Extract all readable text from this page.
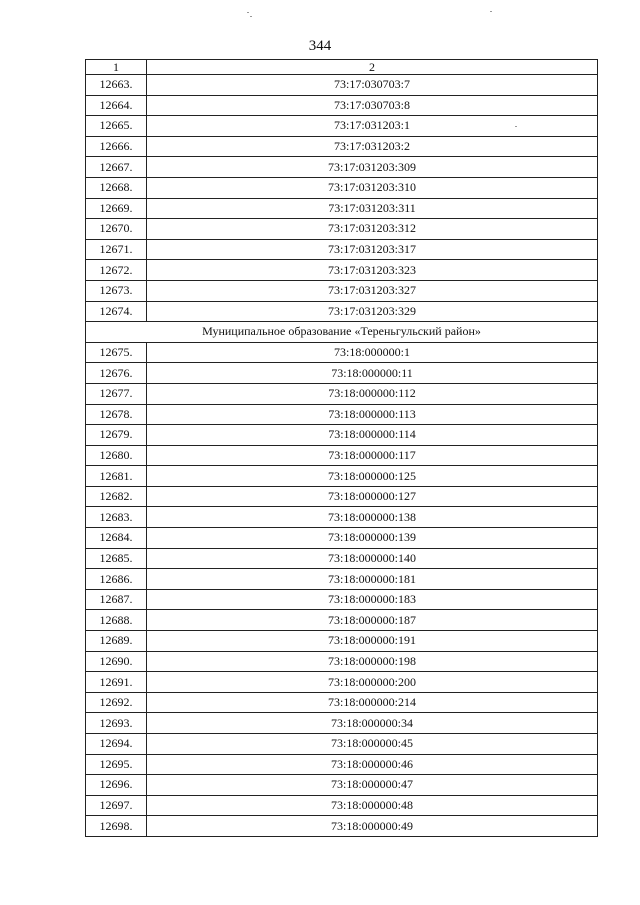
344
1	2
12663.	73:17:030703:7
12664.	73:17:030703:8
12665.	73:17:031203:1
12666.	73:17:031203:2
12667.	73:17:031203:309
12668.	73:17:031203:310
12669.	73:17:031203:311
12670.	73:17:031203:312
12671.	73:17:031203:317
12672.	73:17:031203:323
12673.	73:17:031203:327
12674.	73:17:031203:329
Муниципальное образование «Тереньгульский район»	
12675.	73:18:000000:1
12676.	73:18:000000:11
12677.	73:18:000000:112
12678.	73:18:000000:113
12679.	73:18:000000:114
12680.	73:18:000000:117
12681.	73:18:000000:125
12682.	73:18:000000:127
12683.	73:18:000000:138
12684.	73:18:000000:139
12685.	73:18:000000:140
12686.	73:18:000000:181
12687.	73:18:000000:183
12688.	73:18:000000:187
12689.	73:18:000000:191
12690.	73:18:000000:198
12691.	73:18:000000:200
12692.	73:18:000000:214
12693.	73:18:000000:34
12694.	73:18:000000:45
12695.	73:18:000000:46
12696.	73:18:000000:47
12697.	73:18:000000:48
12698.	73:18:000000:49
